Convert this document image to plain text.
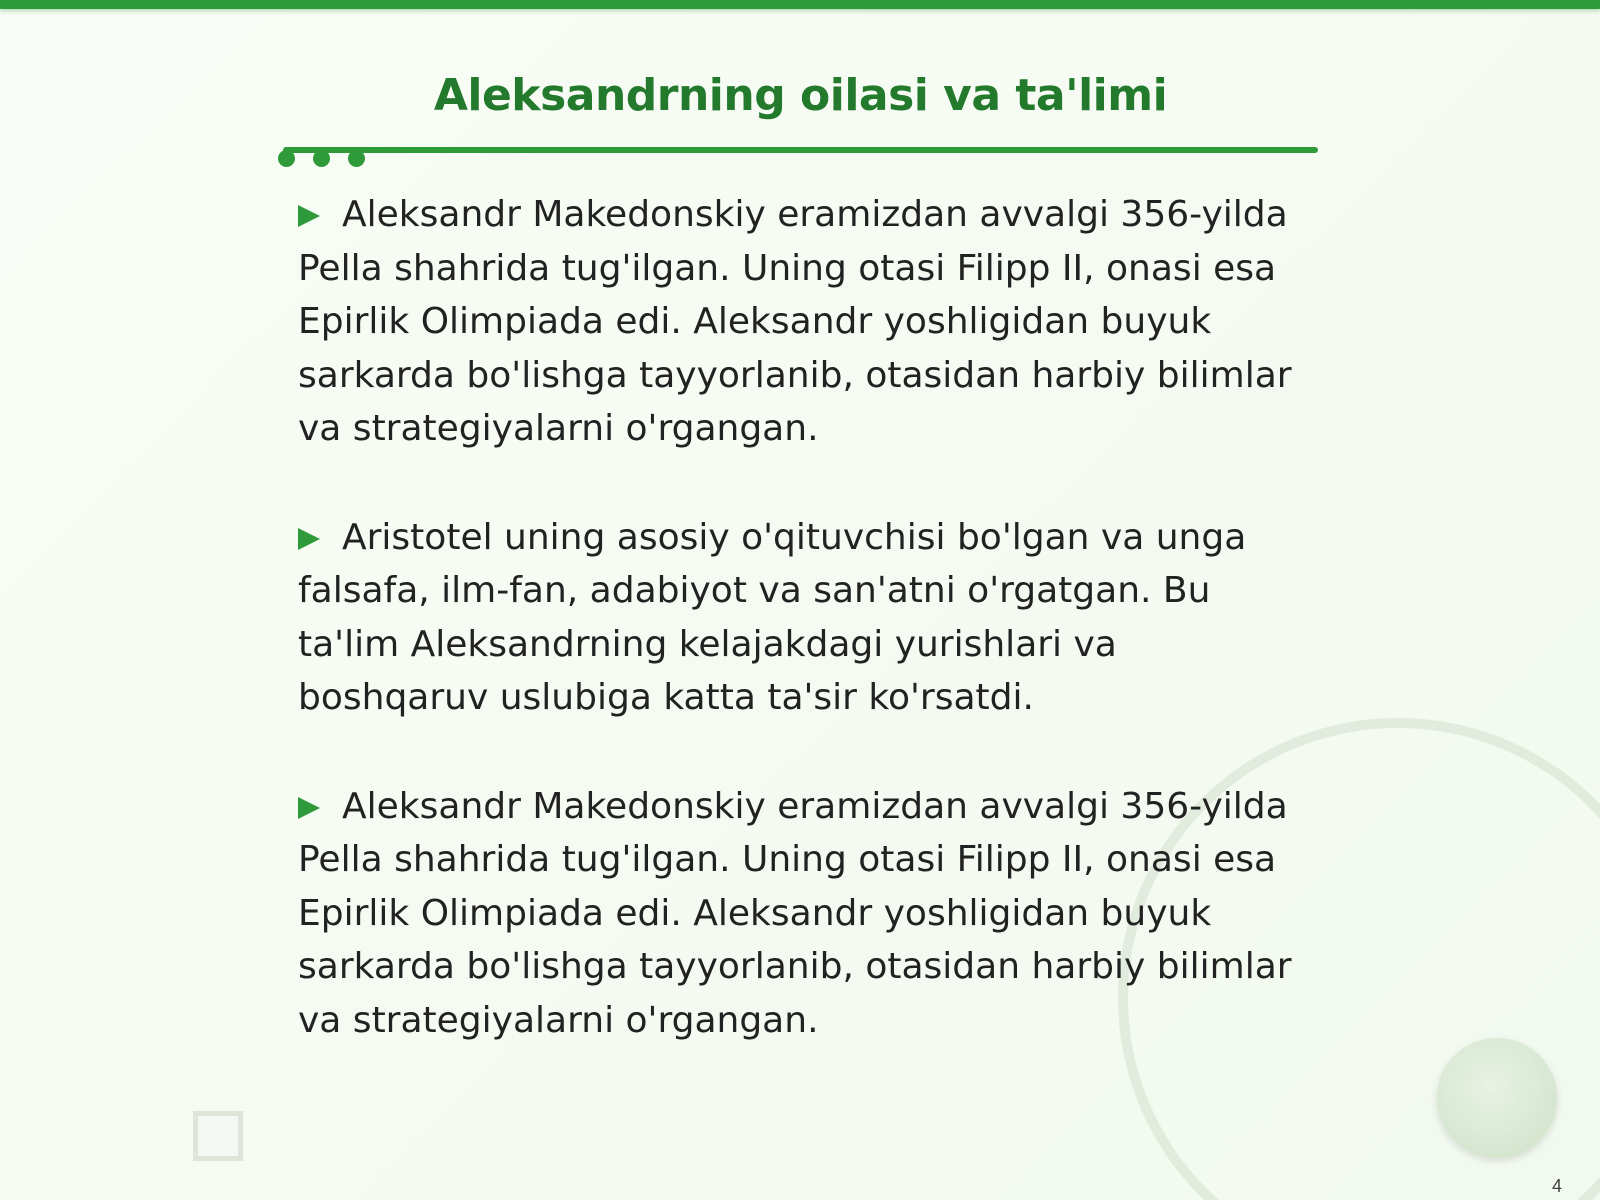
Aleksandrning oilasi va ta'limi

Aleksandr Makedonskiy eramizdan avvalgi 356-yilda Pella shahrida tug'ilgan. Uning otasi Filipp II, onasi esa Epirlik Olimpiada edi. Aleksandr yoshligidan buyuk sarkarda bo'lishga tayyorlanib, otasidan harbiy bilimlar va strategiyalarni o'rgangan.

Aristotel uning asosiy o'qituvchisi bo'lgan va unga falsafa, ilm-fan, adabiyot va san'atni o'rgatgan. Bu ta'lim Aleksandrning kelajakdagi yurishlari va boshqaruv uslubiga katta ta'sir ko'rsatdi.

Aleksandr Makedonskiy eramizdan avvalgi 356-yilda Pella shahrida tug'ilgan. Uning otasi Filipp II, onasi esa Epirlik Olimpiada edi. Aleksandr yoshligidan buyuk sarkarda bo'lishga tayyorlanib, otasidan harbiy bilimlar va strategiyalarni o'rgangan.

4
